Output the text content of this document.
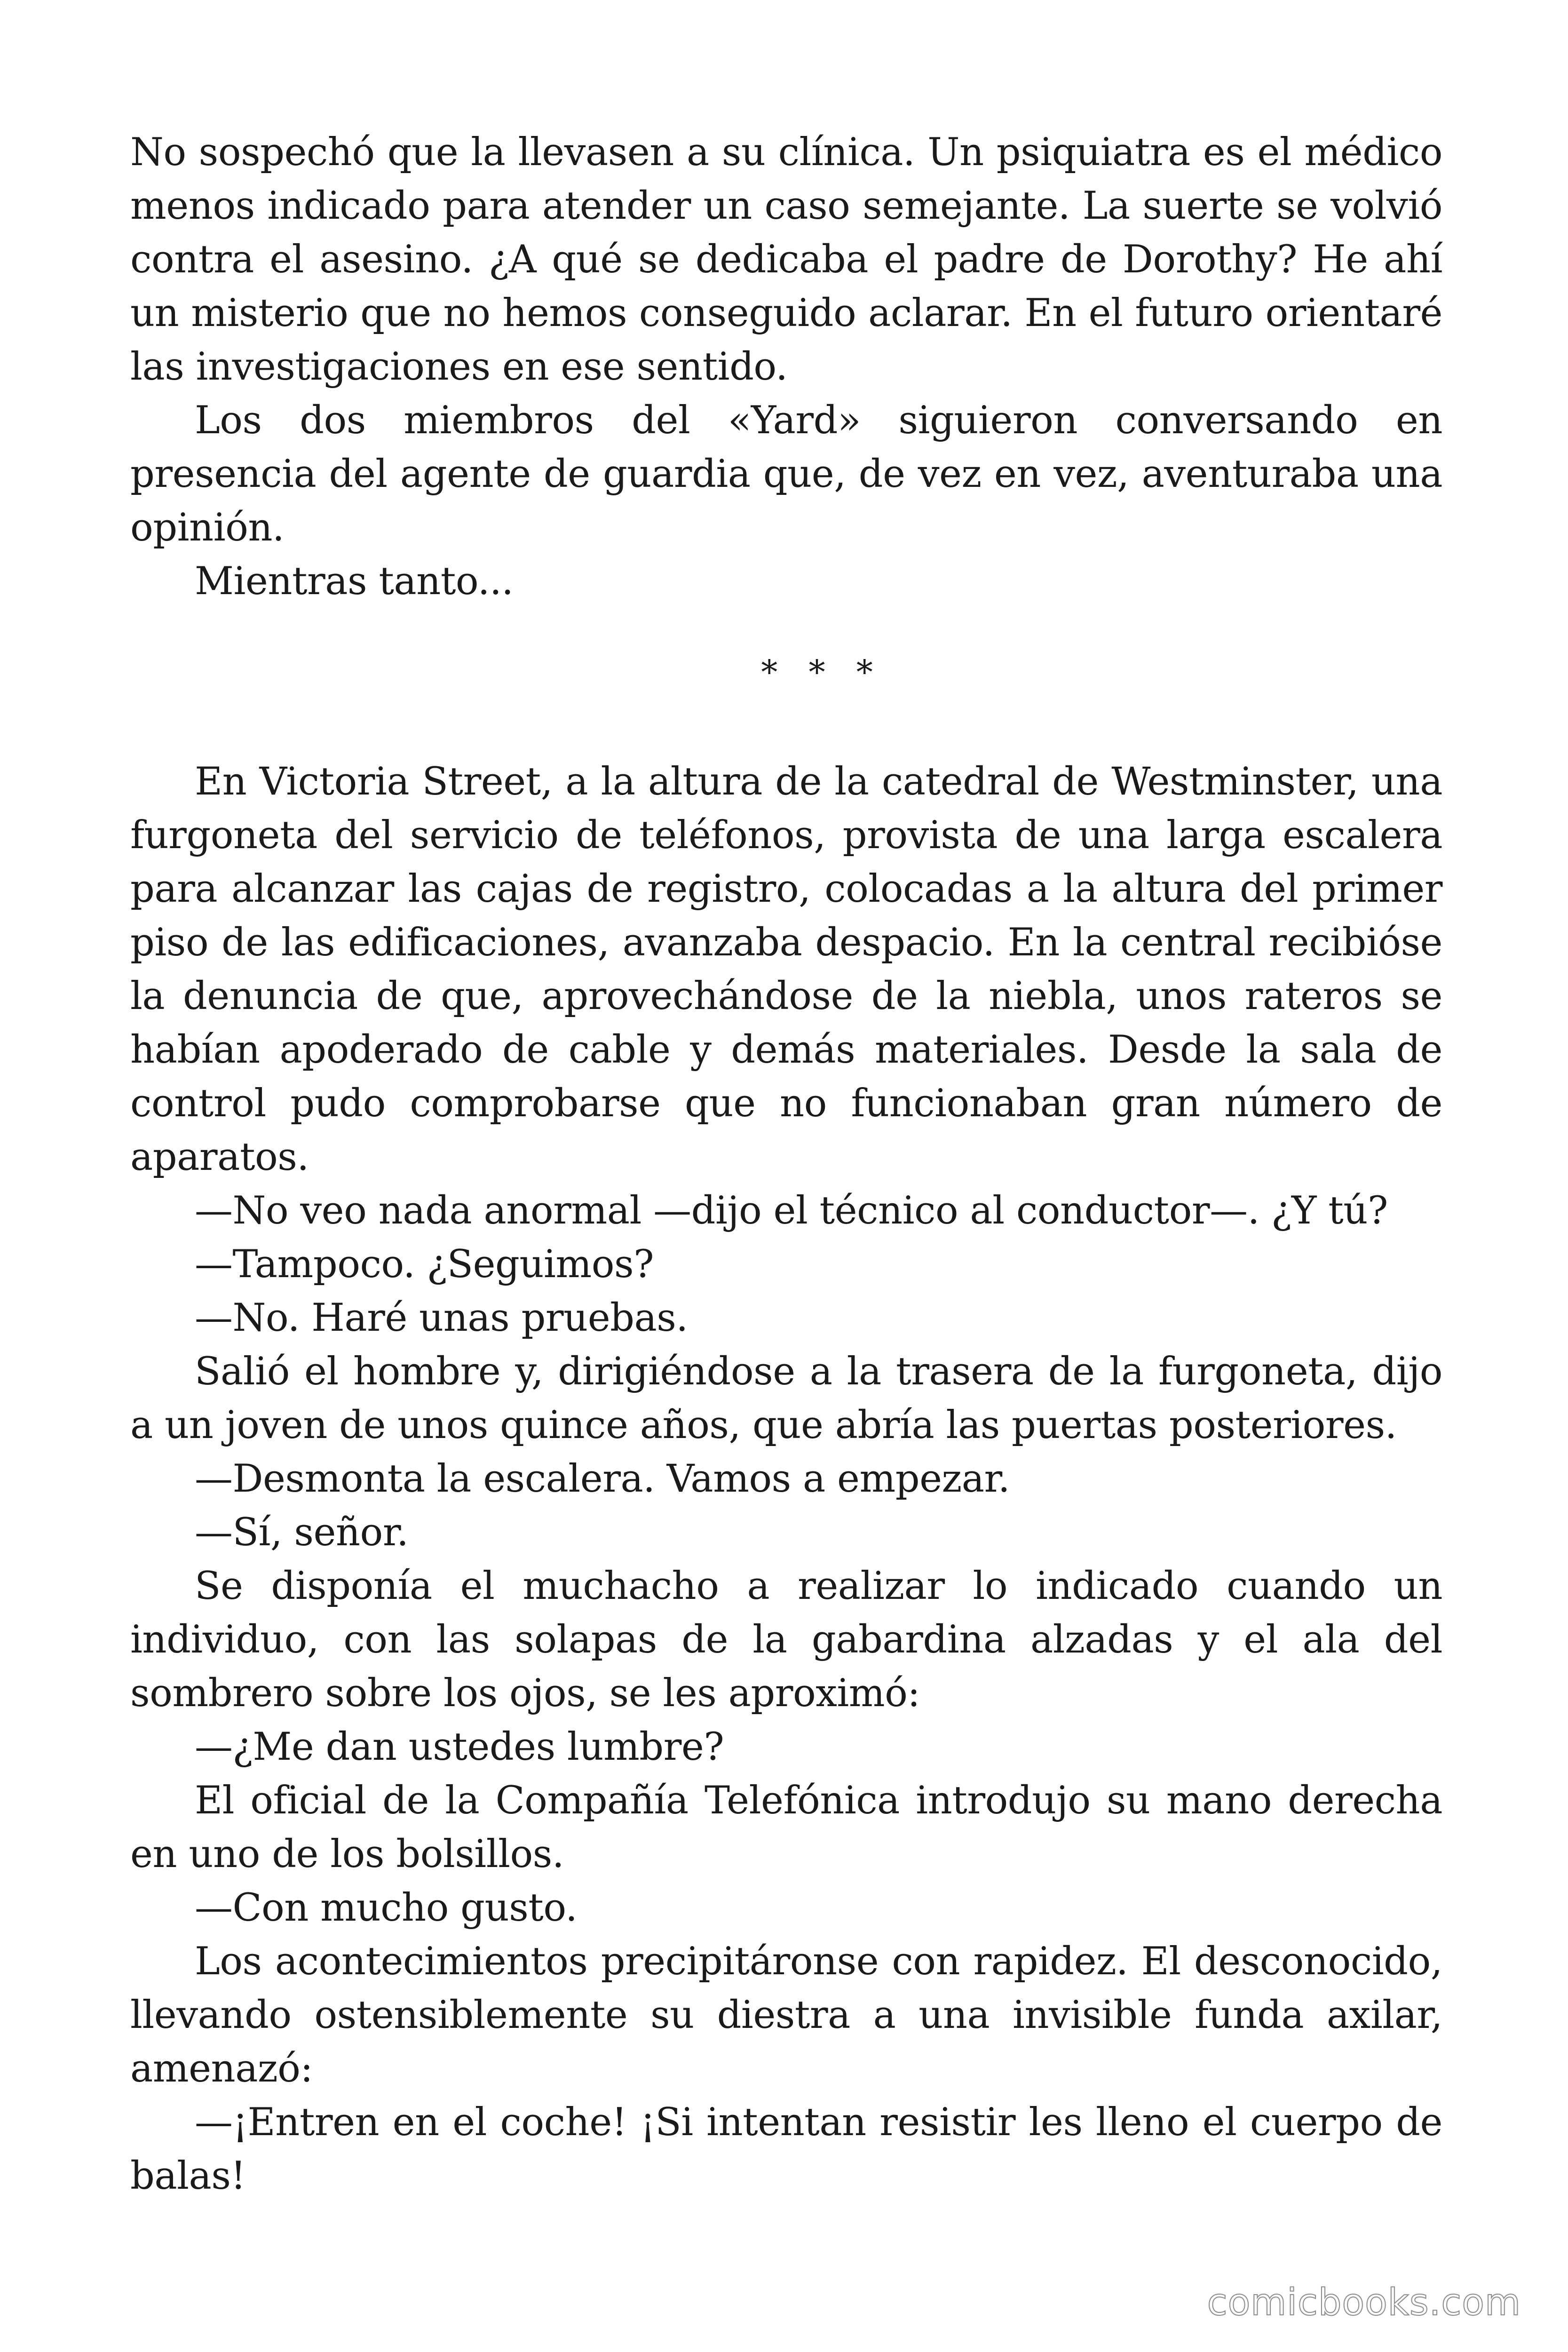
No sospechó que la llevasen a su clínica. Un psiquiatra es el médico menos indicado para atender un caso semejante. La suerte se volvió contra el asesino. ¿A qué se dedicaba el padre de Dorothy? He ahí un misterio que no hemos conseguido aclarar. En el futuro orientaré las investigaciones en ese sentido.

Los dos miembros del «Yard» siguieron conversando en presencia del agente de guardia que, de vez en vez, aventuraba una opinión.

Mientras tanto...

* * *

En Victoria Street, a la altura de la catedral de Westminster, una furgoneta del servicio de teléfonos, provista de una larga escalera para alcanzar las cajas de registro, colocadas a la altura del primer piso de las edificaciones, avanzaba despacio. En la central recibióse la denuncia de que, aprovechándose de la niebla, unos rateros se habían apoderado de cable y demás materiales. Desde la sala de control pudo comprobarse que no funcionaban gran número de aparatos.

—No veo nada anormal —dijo el técnico al conductor—. ¿Y tú?

—Tampoco. ¿Seguimos?

—No. Haré unas pruebas.

Salió el hombre y, dirigiéndose a la trasera de la furgoneta, dijo a un joven de unos quince años, que abría las puertas posteriores.

—Desmonta la escalera. Vamos a empezar.

—Sí, señor.

Se disponía el muchacho a realizar lo indicado cuando un individuo, con las solapas de la gabardina alzadas y el ala del sombrero sobre los ojos, se les aproximó:

—¿Me dan ustedes lumbre?

El oficial de la Compañía Telefónica introdujo su mano derecha en uno de los bolsillos.

—Con mucho gusto.

Los acontecimientos precipitáronse con rapidez. El desconocido, llevando ostensiblemente su diestra a una invisible funda axilar, amenazó:

—¡Entren en el coche! ¡Si intentan resistir les lleno el cuerpo de balas!

comicbooks.com
